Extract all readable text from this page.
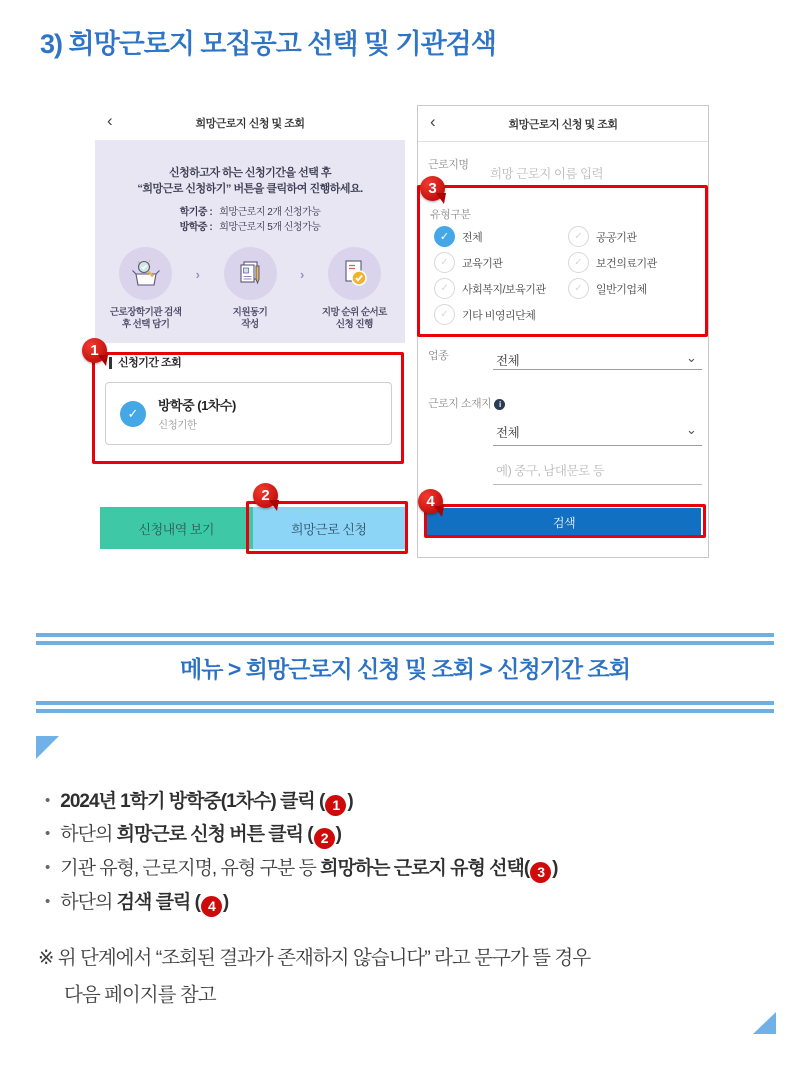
3) 희망근로지 모집공고 선택 및 기관검색
‹	희망근로지 신청 및 조회
신청하고자 하는 신청기간을 선택 후
“희망근로 신청하기” 버튼을 클릭하여 진행하세요.
학기중 : 희망근로지 2개 신청가능
방학중 : 희망근로지 5개 신청가능
근로장학기관 검색
후 선택 담기
›
지원동기
작성
›
지망 순위 순서로
신청 진행
신청기간 조회
✓
방학중 (1차수)
신청기한
신청내역 보기	희망근로 신청
‹	희망근로지 신청 및 조회
근로지명
희망 근로지 이름 입력
유형구분
✓	전체	✓	공공기관
✓	교육기관	✓	보건의료기관
✓	사회복지/보육기관	✓	일반기업체
✓	기타 비영리단체
업종	전체	⌄
근로지 소재지 i
전체	⌄
예) 중구, 남대문로 등
검색
1
2
3
4
메뉴 > 희망근로지 신청 및 조회 > 신청기간 조회
• 2024년 1학기 방학중(1차수) 클릭 ( 1 )
• 하단의 희망근로 신청 버튼 클릭 ( 2 )
• 기관 유형, 근로지명, 유형 구분 등 희망하는 근로지 유형 선택( 3 )
• 하단의 검색 클릭 ( 4 )
※ 위 단계에서 “조회된 결과가 존재하지 않습니다” 라고 문구가 뜰 경우
다음 페이지를 참고
